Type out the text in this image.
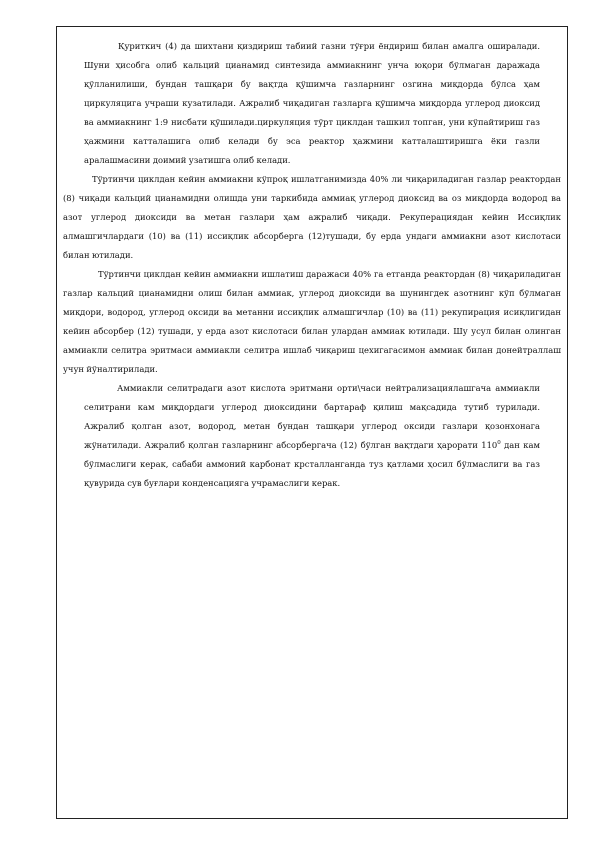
Қуриткич (4) да шихтани қиздириш табиий газни тўғри ёндириш билан амалга оширалади. Шуни ҳисобга олиб кальций цианамид синтезида аммиакнинг унча юқори бўлмаган даражада қўлланилиши, бундан ташқари бу вақтда қўшимча газларнинг озгина миқдорда бўлса ҳам циркуляцига учраши кузатилади. Ажралиб чиқадиган газларга қўшимча миқдорда углерод диоксид ва аммиакнинг 1:9 нисбати қўшилади.циркуляция тўрт циклдан ташкил топган, уни кўпайтириш газ ҳажмини катталашига олиб келади бу эса реактор ҳажмини катталаштиришга ёки газли аралашмасини доимий узатишга олиб келади.

Тўртинчи циклдан кейин аммиакни кўпроқ ишлатганимизда 40% ли чиқариладиган газлар реактордан (8) чиқади кальций цианамидни олишда уни таркибида аммиақ углерод диоксид ва оз миқдорда водород ва азот углерод диоксиди ва метан газлари ҳам ажралиб чиқади. Рекуперациядан кейин Иссиқлик алмашгичлардаги (10) ва (11) иссиқлик абсорберга (12)тушади, бу ерда ундаги аммиакни азот кислотаси билан ютилади.

Тўртинчи циклдан кейин аммиакни ишлатиш даражаси 40% га етганда реактордан (8) чиқариладиган газлар кальций цианамидни олиш билан аммиак, углерод диоксиди ва шунингдек азотнинг кўп бўлмаган миқдори, водород, углерод оксиди ва метанни иссиқлик алмашгичлар (10) ва (11) рекупирация исиқлигидан кейин абсорбер (12) тушади, у ерда азот кислотаси билан улардан аммиак ютилади. Шу усул билан олинган аммиакли селитра эритмаси аммиакли селитра ишлаб чиқариш цехигагасимон аммиак билан донейтраллаш учун йўналтирилади.

Аммиакли селитрадаги азот кислота эритмани орти\часи нейтрализациялашгача аммиакли селитрани кам миқдордаги углерод диоксидини бартараф қилиш мақсадида тутиб турилади. Ажралиб қолган азот, водород, метан бундан ташқари углерод оксиди газлари қозонхонага жўнатилади. Ажралиб қолган газларнинг абсорбергача (12) бўлган вақтдаги ҳарорати $110^0$ дан кам бўлмаслиги керак, сабаби аммоний карбонат крсталланганда туз қатлами ҳосил бўлмаслиги ва газ қувурида сув буғлари конденсацияга учрамаслиги керак.
